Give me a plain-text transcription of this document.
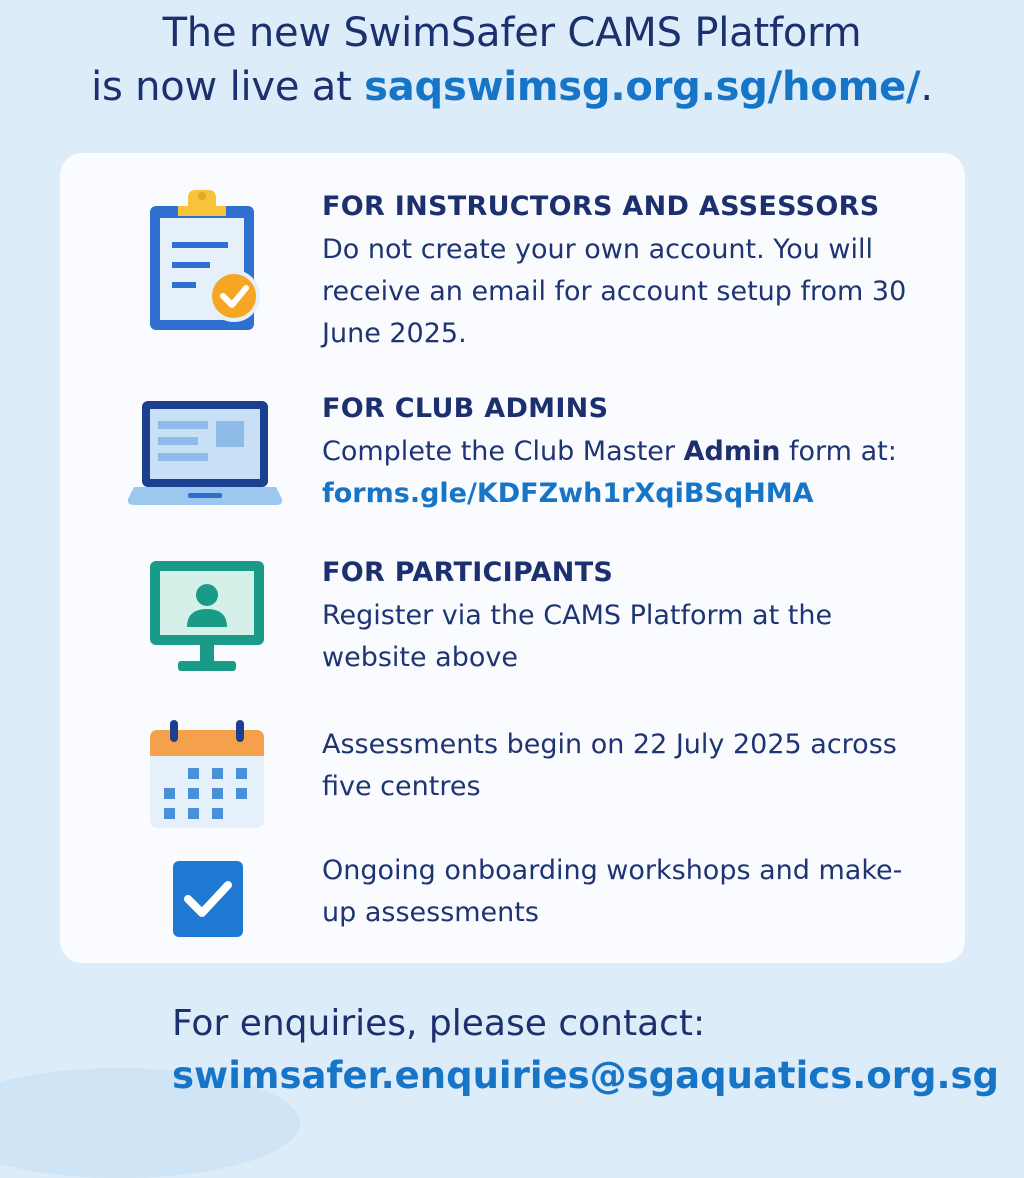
The new SwimSafer CAMS Platform
is now live at saqswimsg.org.sg/home/.
FOR INSTRUCTORS AND ASSESSORS

Do not create your own account. You will receive an email for account setup from 30 June 2025.

FOR CLUB ADMINS

Complete the Club Master Admin form at: forms.gle/KDFZwh1rXqiBSqHMA

FOR PARTICIPANTS

Register via the CAMS Platform at the website above

Assessments begin on 22 July 2025 across five centres

Ongoing onboarding workshops and make-up assessments

For enquiries, please contact:
swimsafer.enquiries@sgaquatics.org.sg
